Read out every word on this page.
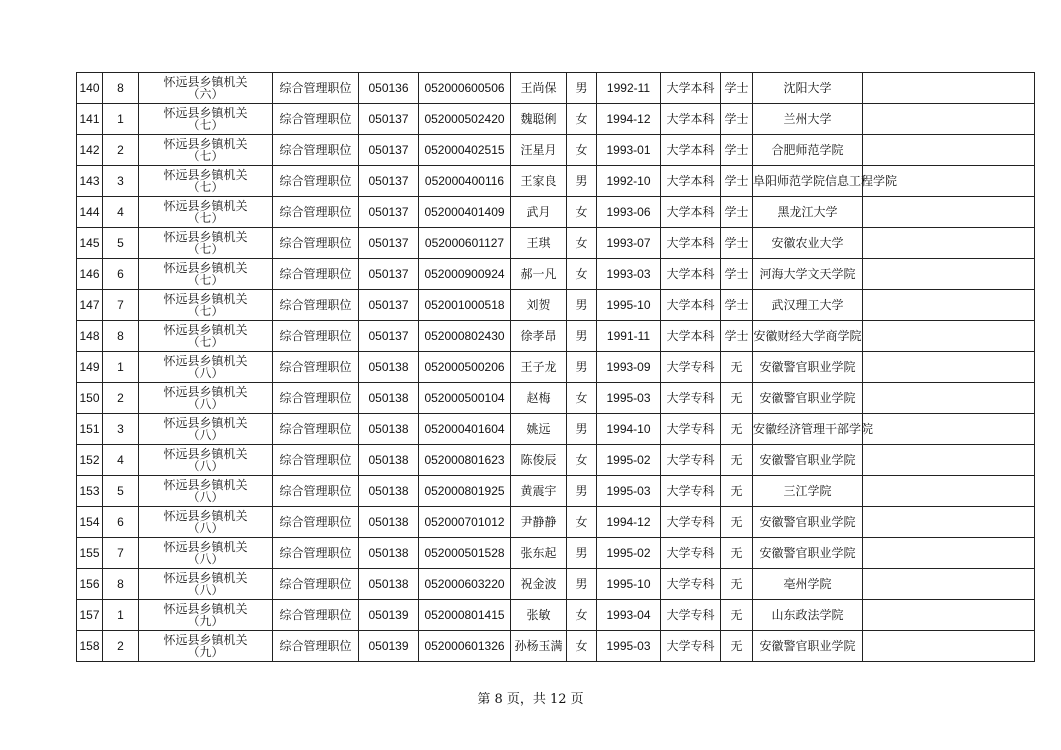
140	8	怀远县乡镇机关
（六）	综合管理职位	050136	052000600506	王尚保	男	1992-11	大学本科	学士	沈阳大学	
141	1	怀远县乡镇机关
（七）	综合管理职位	050137	052000502420	魏聪俐	女	1994-12	大学本科	学士	兰州大学	
142	2	怀远县乡镇机关
（七）	综合管理职位	050137	052000402515	汪星月	女	1993-01	大学本科	学士	合肥师范学院	
143	3	怀远县乡镇机关
（七）	综合管理职位	050137	052000400116	王家良	男	1992-10	大学本科	学士	阜阳师范学院信息工程学院	
144	4	怀远县乡镇机关
（七）	综合管理职位	050137	052000401409	武月	女	1993-06	大学本科	学士	黑龙江大学	
145	5	怀远县乡镇机关
（七）	综合管理职位	050137	052000601127	王琪	女	1993-07	大学本科	学士	安徽农业大学	
146	6	怀远县乡镇机关
（七）	综合管理职位	050137	052000900924	郝一凡	女	1993-03	大学本科	学士	河海大学文天学院	
147	7	怀远县乡镇机关
（七）	综合管理职位	050137	052001000518	刘贺	男	1995-10	大学本科	学士	武汉理工大学	
148	8	怀远县乡镇机关
（七）	综合管理职位	050137	052000802430	徐孝昂	男	1991-11	大学本科	学士	安徽财经大学商学院	
149	1	怀远县乡镇机关
（八）	综合管理职位	050138	052000500206	王子龙	男	1993-09	大学专科	无	安徽警官职业学院	
150	2	怀远县乡镇机关
（八）	综合管理职位	050138	052000500104	赵梅	女	1995-03	大学专科	无	安徽警官职业学院	
151	3	怀远县乡镇机关
（八）	综合管理职位	050138	052000401604	姚远	男	1994-10	大学专科	无	安徽经济管理干部学院	
152	4	怀远县乡镇机关
（八）	综合管理职位	050138	052000801623	陈俊辰	女	1995-02	大学专科	无	安徽警官职业学院	
153	5	怀远县乡镇机关
（八）	综合管理职位	050138	052000801925	黄震宇	男	1995-03	大学专科	无	三江学院	
154	6	怀远县乡镇机关
（八）	综合管理职位	050138	052000701012	尹静静	女	1994-12	大学专科	无	安徽警官职业学院	
155	7	怀远县乡镇机关
（八）	综合管理职位	050138	052000501528	张东起	男	1995-02	大学专科	无	安徽警官职业学院	
156	8	怀远县乡镇机关
（八）	综合管理职位	050138	052000603220	祝金波	男	1995-10	大学专科	无	亳州学院	
157	1	怀远县乡镇机关
（九）	综合管理职位	050139	052000801415	张敏	女	1993-04	大学专科	无	山东政法学院	
158	2	怀远县乡镇机关
（九）	综合管理职位	050139	052000601326	孙杨玉满	女	1995-03	大学专科	无	安徽警官职业学院	
第 8 页，共 12 页
